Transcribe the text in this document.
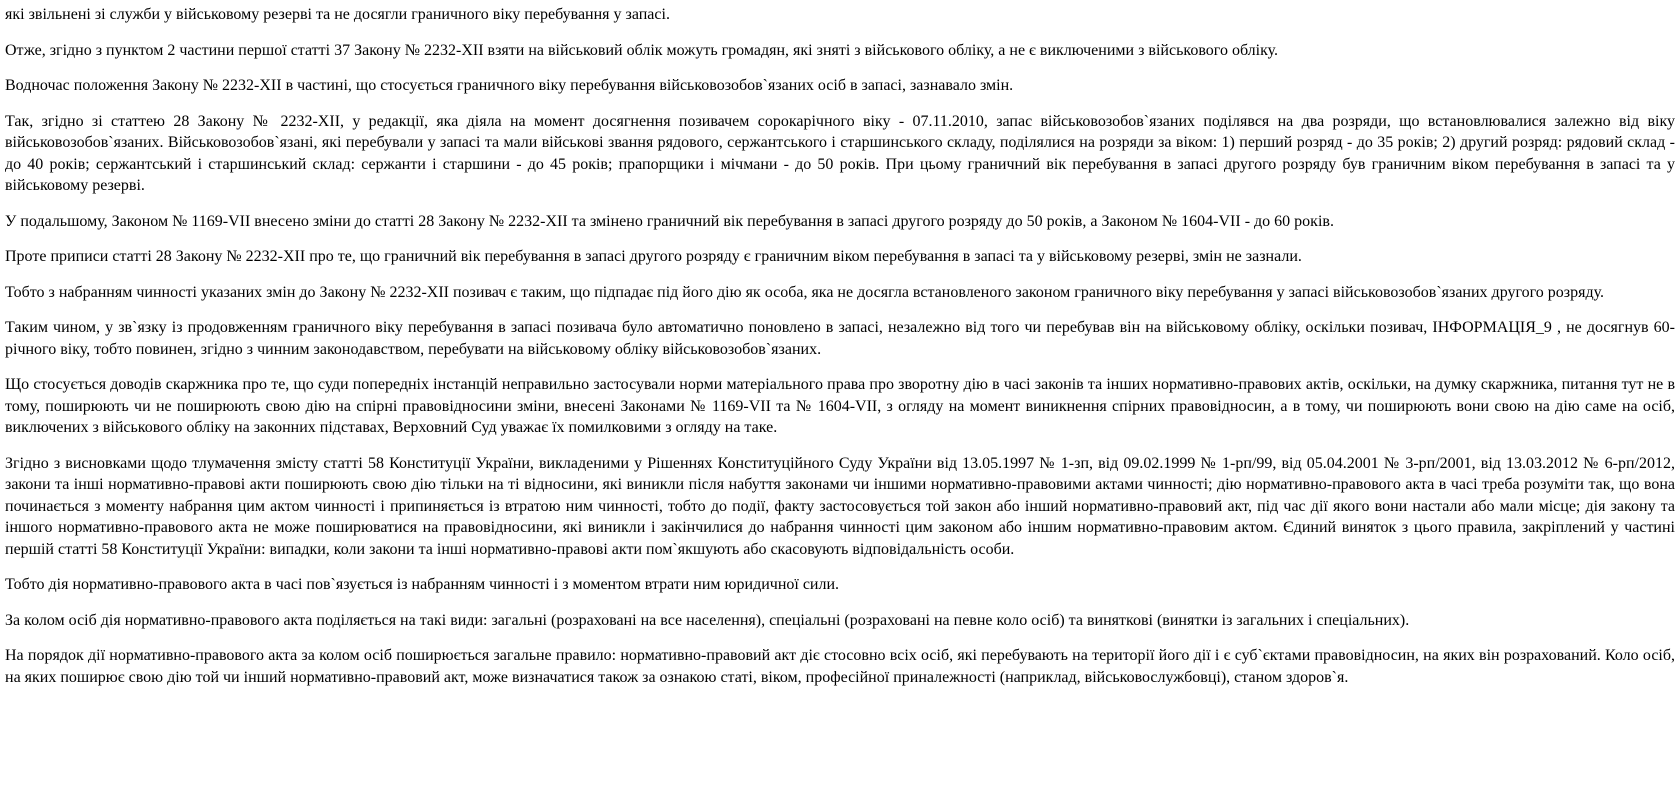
які звільнені зі служби у військовому резерві та не досягли граничного віку перебування у запасі.

Отже, згідно з пунктом 2 частини першої статті 37 Закону № 2232-XII взяти на військовий облік можуть громадян, які зняті з військового обліку, а не є виключеними з військового обліку.

Водночас положення Закону № 2232-XII в частині, що стосується граничного віку перебування військовозобов`язаних осіб в запасі, зазнавало змін.

Так, згідно зі статтею 28 Закону № 2232-XII, у редакції, яка діяла на момент досягнення позивачем сорокарічного віку - 07.11.2010, запас військовозобов`язаних поділявся на два розряди, що встановлювалися залежно від віку військовозобов`язаних. Військовозобов`язані, які перебували у запасі та мали військові звання рядового, сержантського і старшинського складу, поділялися на розряди за віком: 1) перший розряд - до 35 років; 2) другий розряд: рядовий склад - до 40 років; сержантський і старшинський склад: сержанти і старшини - до 45 років; прапорщики і мічмани - до 50 років. При цьому граничний вік перебування в запасі другого розряду був граничним віком перебування в запасі та у військовому резерві.

У подальшому, Законом № 1169-VII внесено зміни до статті 28 Закону № 2232-XII та змінено граничний вік перебування в запасі другого розряду до 50 років, а Законом № 1604-VII - до 60 років.

Проте приписи статті 28 Закону № 2232-XII про те, що граничний вік перебування в запасі другого розряду є граничним віком перебування в запасі та у військовому резерві, змін не зазнали.

Тобто з набранням чинності указаних змін до Закону № 2232-XII позивач є таким, що підпадає під його дію як особа, яка не досягла встановленого законом граничного віку перебування у запасі військовозобов`язаних другого розряду.

Таким чином, у зв`язку із продовженням граничного віку перебування в запасі позивача було автоматично поновлено в запасі, незалежно від того чи перебував він на військовому обліку, оскільки позивач, ІНФОРМАЦІЯ_9 , не досягнув 60-річного віку, тобто повинен, згідно з чинним законодавством, перебувати на військовому обліку військовозобов`язаних.

Що стосується доводів скаржника про те, що суди попередніх інстанцій неправильно застосували норми матеріального права про зворотну дію в часі законів та інших нормативно-правових актів, оскільки, на думку скаржника, питання тут не в тому, поширюють чи не поширюють свою дію на спірні правовідносини зміни, внесені Законами № 1169-VII та № 1604-VII, з огляду на момент виникнення спірних правовідносин, а в тому, чи поширюють вони свою на дію саме на осіб, виключених з військового обліку на законних підставах, Верховний Суд уважає їх помилковими з огляду на таке.

Згідно з висновками щодо тлумачення змісту статті 58 Конституції України, викладеними у Рішеннях Конституційного Суду України від 13.05.1997 № 1-зп, від 09.02.1999 № 1-рп/99, від 05.04.2001 № 3-рп/2001, від 13.03.2012 № 6-рп/2012, закони та інші нормативно-правові акти поширюють свою дію тільки на ті відносини, які виникли після набуття законами чи іншими нормативно-правовими актами чинності; дію нормативно-правового акта в часі треба розуміти так, що вона починається з моменту набрання цим актом чинності і припиняється із втратою ним чинності, тобто до події, факту застосовується той закон або інший нормативно-правовий акт, під час дії якого вони настали або мали місце; дія закону та іншого нормативно-правового акта не може поширюватися на правовідносини, які виникли і закінчилися до набрання чинності цим законом або іншим нормативно-правовим актом. Єдиний виняток з цього правила, закріплений у частині першій статті 58 Конституції України: випадки, коли закони та інші нормативно-правові акти пом`якшують або скасовують відповідальність особи.

Тобто дія нормативно-правового акта в часі пов`язується із набранням чинності і з моментом втрати ним юридичної сили.

За колом осіб дія нормативно-правового акта поділяється на такі види: загальні (розраховані на все населення), спеціальні (розраховані на певне коло осіб) та виняткові (винятки із загальних і спеціальних).

На порядок дії нормативно-правового акта за колом осіб поширюється загальне правило: нормативно-правовий акт діє стосовно всіх осіб, які перебувають на території його дії і є суб`єктами правовідносин, на яких він розрахований. Коло осіб, на яких поширює свою дію той чи інший нормативно-правовий акт, може визначатися також за ознакою статі, віком, професійної приналежності (наприклад, військовослужбовці), станом здоров`я.
